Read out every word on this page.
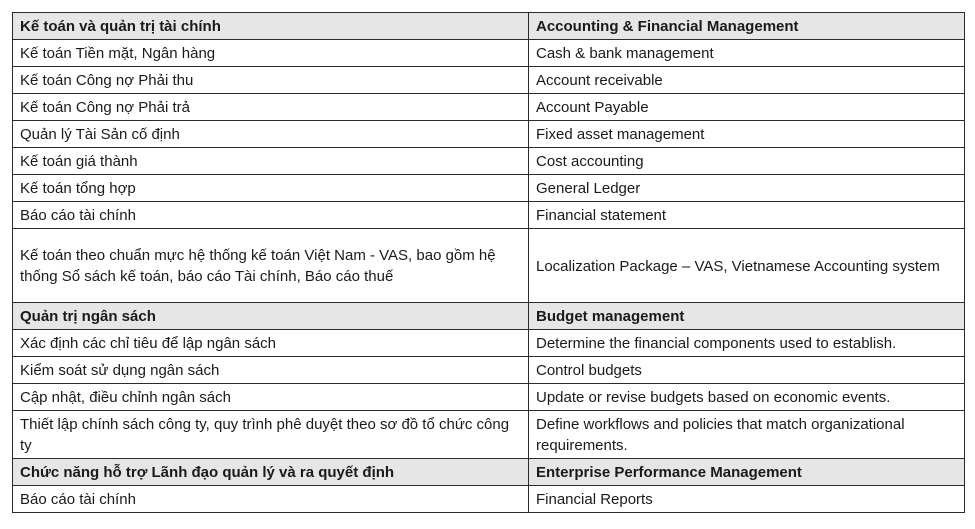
Kế toán và quản trị tài chính	Accounting & Financial Management
Kế toán Tiền mặt, Ngân hàng	Cash & bank management
Kế toán Công nợ Phải thu	Account receivable
Kế toán Công nợ Phải trả	Account Payable
Quản lý Tài Sản cố định	Fixed asset management
Kế toán giá thành	Cost accounting
Kế toán tổng hợp	General Ledger
Báo cáo tài chính	Financial statement
Kế toán theo chuẩn mực hệ thống kế toán Việt Nam - VAS, bao gồm hệ thống Sổ sách kế toán, báo cáo Tài chính, Báo cáo thuế	Localization Package – VAS, Vietnamese Accounting system
Quản trị ngân sách	Budget management
Xác định các chỉ tiêu để lập ngân sách	Determine the financial components used to establish.
Kiểm soát sử dụng ngân sách	Control budgets
Cập nhật, điều chỉnh ngân sách	Update or revise budgets based on economic events.
Thiết lập chính sách công ty, quy trình phê duyệt theo sơ đồ tổ chức công ty	Define workflows and policies that match organizational requirements.
Chức năng hỗ trợ Lãnh đạo quản lý và ra quyết định	Enterprise Performance Management
Báo cáo tài chính	Financial Reports
